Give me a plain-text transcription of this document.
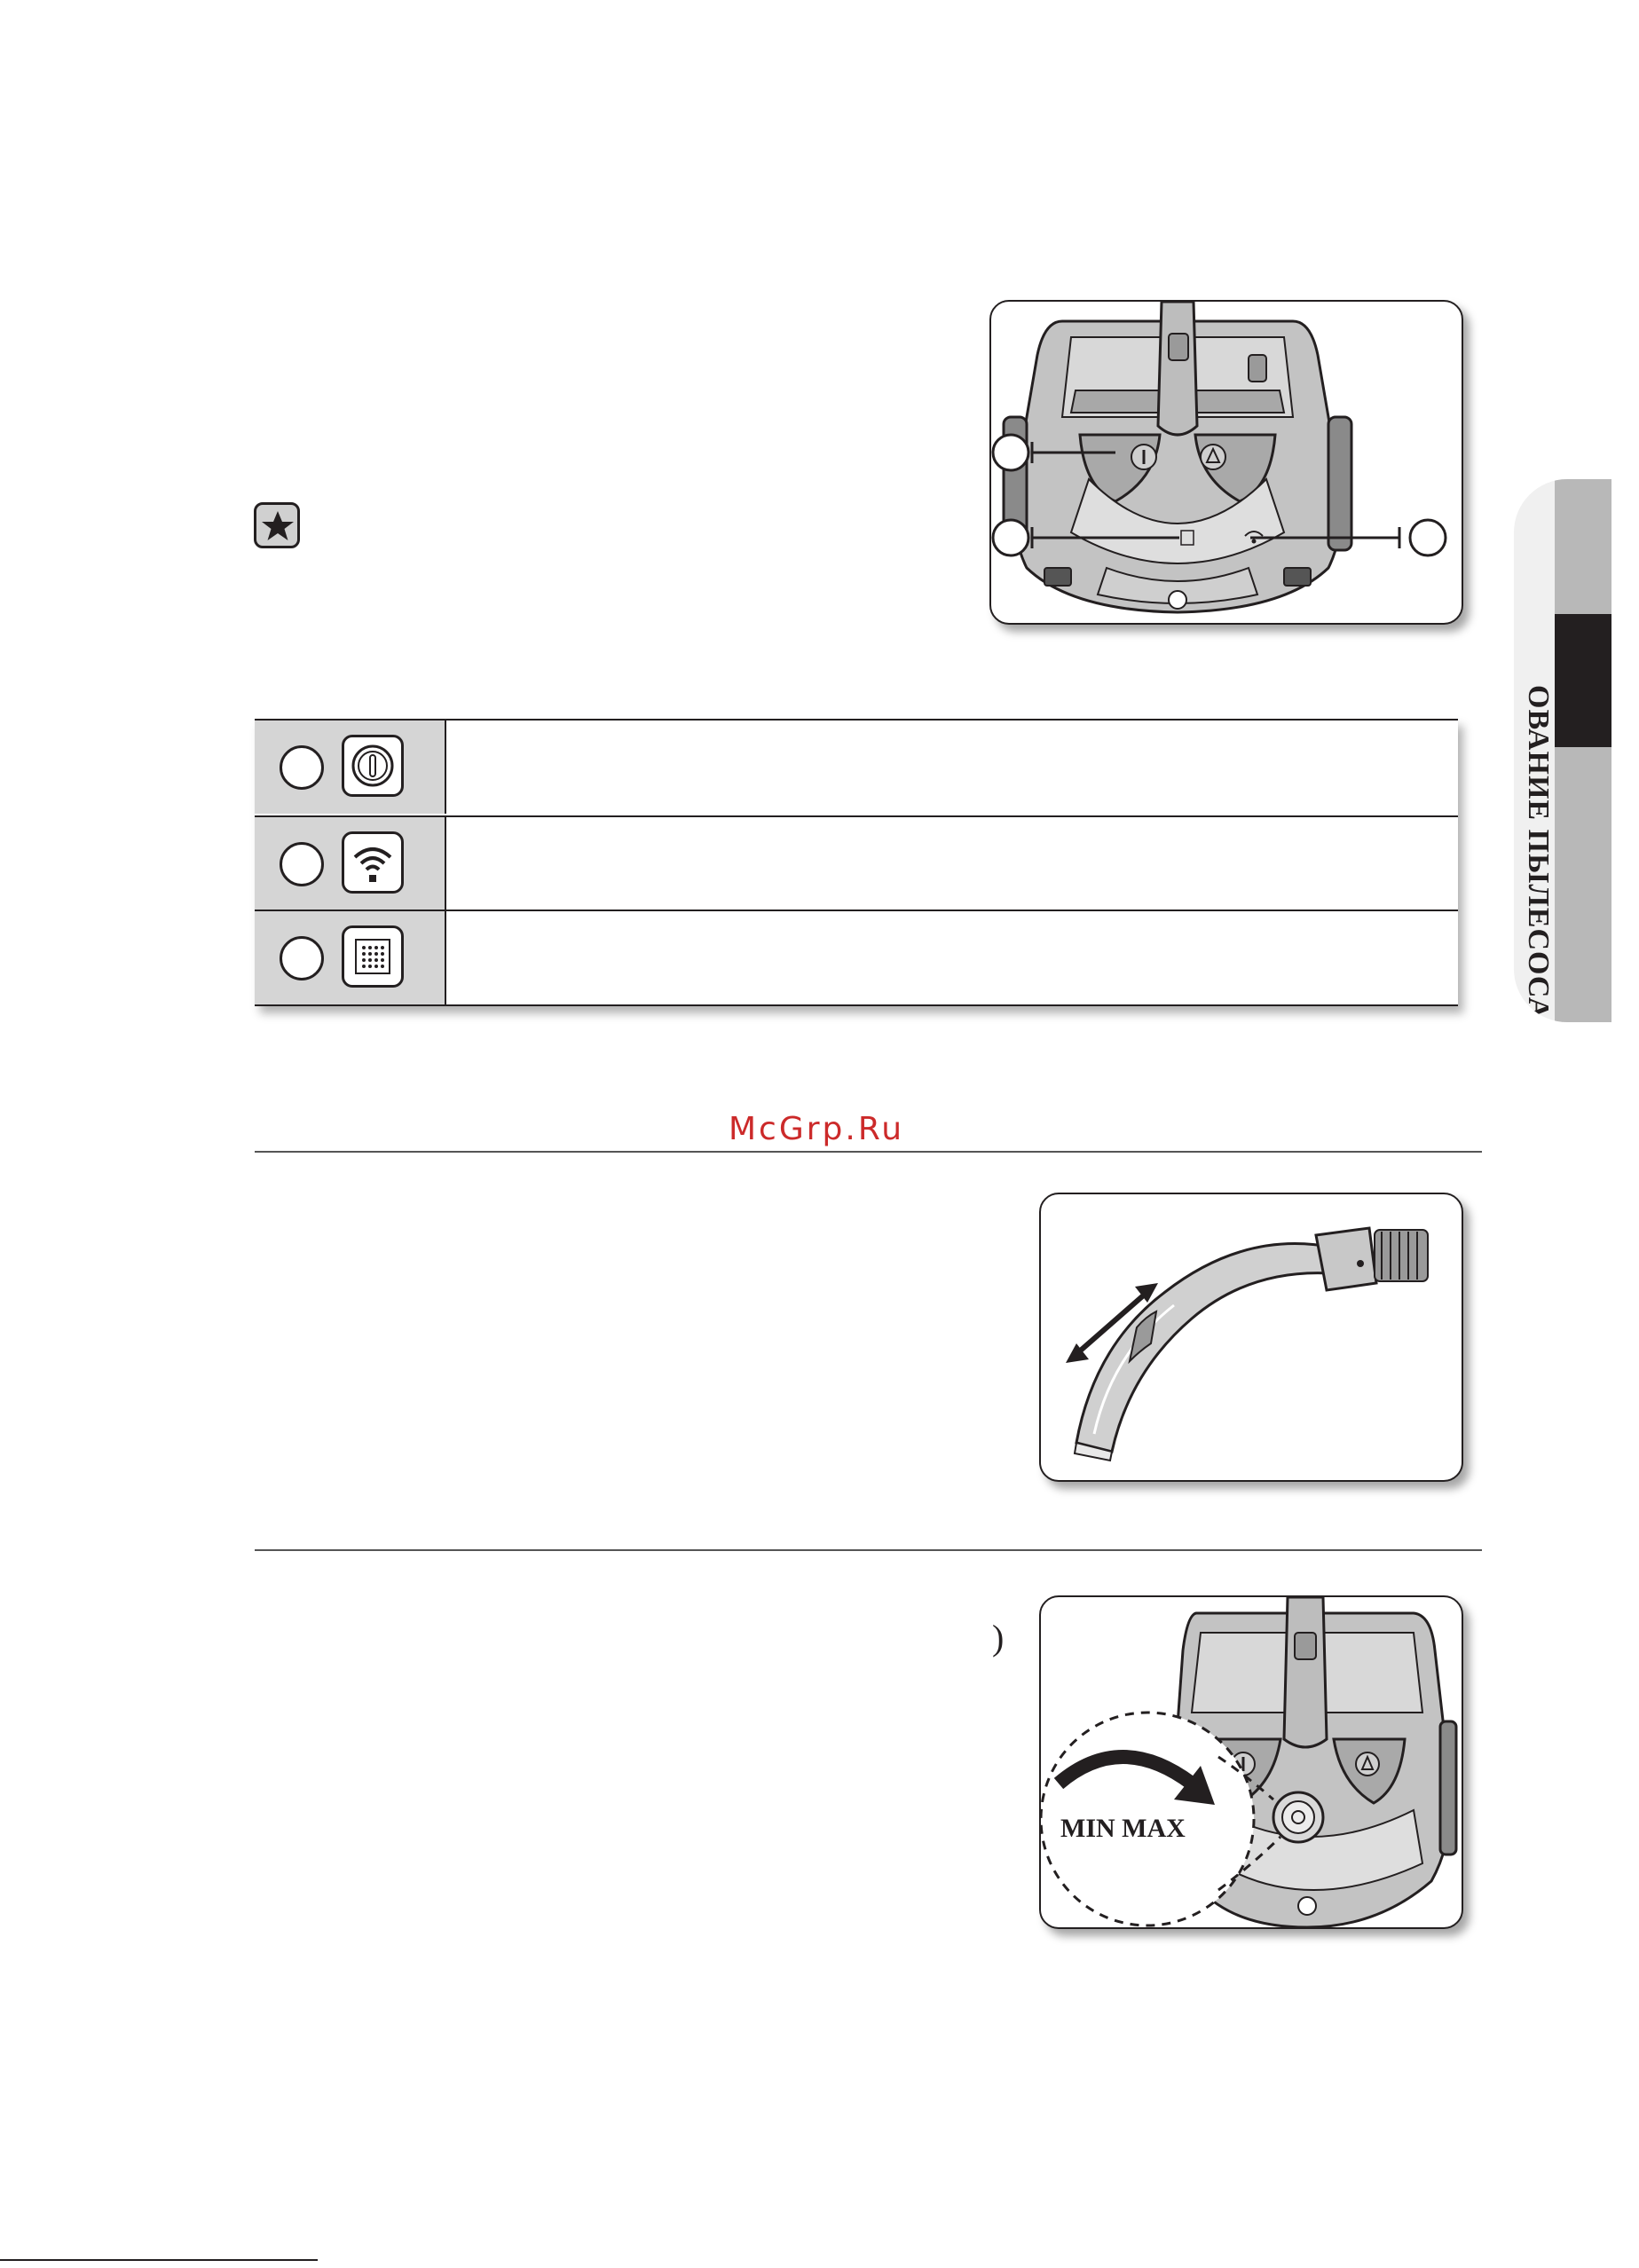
McGrp.Ru
)
MIN MAX
ОВАНИЕ ПЫЛЕСОСА
